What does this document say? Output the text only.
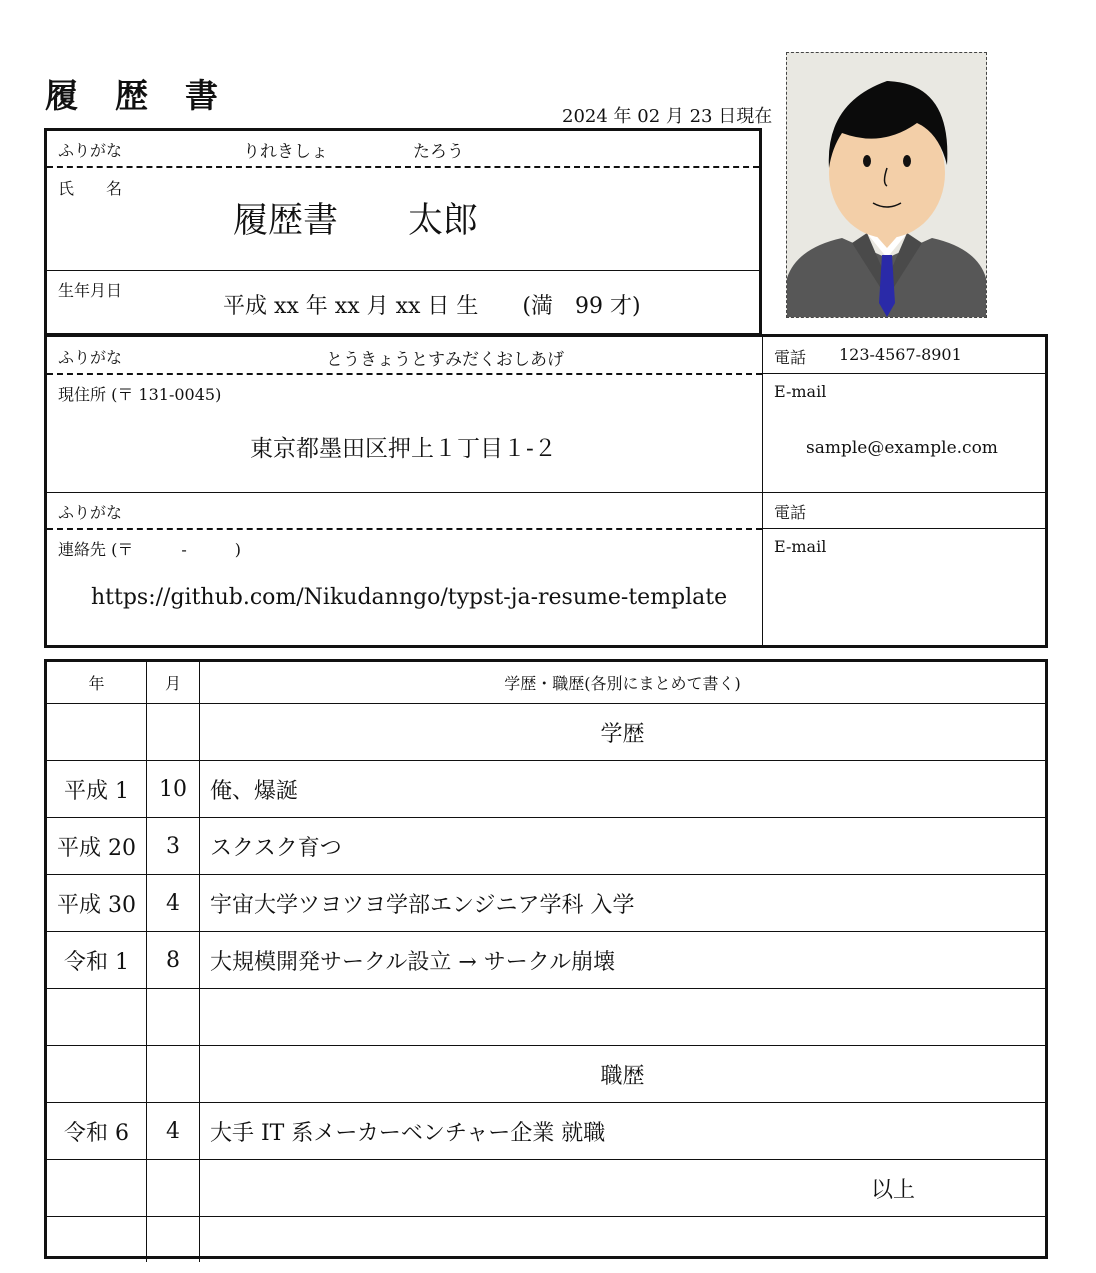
履　歴　書
2024 年 02 月 23 日現在
ふりがな	りれきしょ　　　　　たろう
氏　　名
履歴書　　太郎
生年月日
平成 xx 年 xx 月 xx 日 生　　(満　99 才)
ふりがな	とうきょうとすみだくおしあげ
現住所 (〒 131-0045)
東京都墨田区押上１丁目１-２
ふりがな
連絡先 (〒　　　-　　　)
https://github.com/Nikudanngo/typst-ja-resume-template
電話 123-4567-8901
E-mail
sample@example.com
電話
E-mail
年	月	学歴・職歴(各別にまとめて書く)
学歴
平成 1	10	俺、爆誕
平成 20	3	スクスク育つ
平成 30	4	宇宙大学ツヨツヨ学部エンジニア学科 入学
令和 1	8	大規模開発サークル設立 → サークル崩壊
職歴
令和 6	4	大手 IT 系メーカーベンチャー企業 就職
以上
